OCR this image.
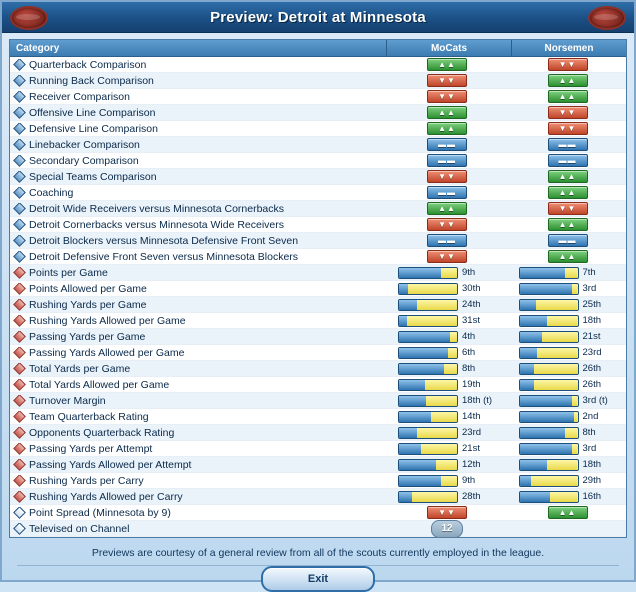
Preview: Detroit at Minnesota
Category	MoCats	Norsemen
Quarterback Comparison	▲▲	▼▼
Running Back Comparison	▼▼	▲▲
Receiver Comparison	▼▼	▲▲
Offensive Line Comparison	▲▲	▼▼
Defensive Line Comparison	▲▲	▼▼
Linebacker Comparison	▬▬	▬▬
Secondary Comparison	▬▬	▬▬
Special Teams Comparison	▼▼	▲▲
Coaching	▬▬	▲▲
Detroit Wide Receivers versus Minnesota Cornerbacks	▲▲	▼▼
Detroit Cornerbacks versus Minnesota Wide Receivers	▼▼	▲▲
Detroit Blockers versus Minnesota Defensive Front Seven	▬▬	▬▬
Detroit Defensive Front Seven versus Minnesota Blockers	▼▼	▲▲
Points per Game	9th	7th
Points Allowed per Game	30th	3rd
Rushing Yards per Game	24th	25th
Rushing Yards Allowed per Game	31st	18th
Passing Yards per Game	4th	21st
Passing Yards Allowed per Game	6th	23rd
Total Yards per Game	8th	26th
Total Yards Allowed per Game	19th	26th
Turnover Margin	18th (t)	3rd (t)
Team Quarterback Rating	14th	2nd
Opponents Quarterback Rating	23rd	8th
Passing Yards per Attempt	21st	3rd
Passing Yards Allowed per Attempt	12th	18th
Rushing Yards per Carry	9th	29th
Rushing Yards Allowed per Carry	28th	16th
Point Spread (Minnesota by 9)	▼▼	▲▲
Televised on Channel	12
Previews are courtesy of a general review from all of the scouts currently employed in the league.
Exit
